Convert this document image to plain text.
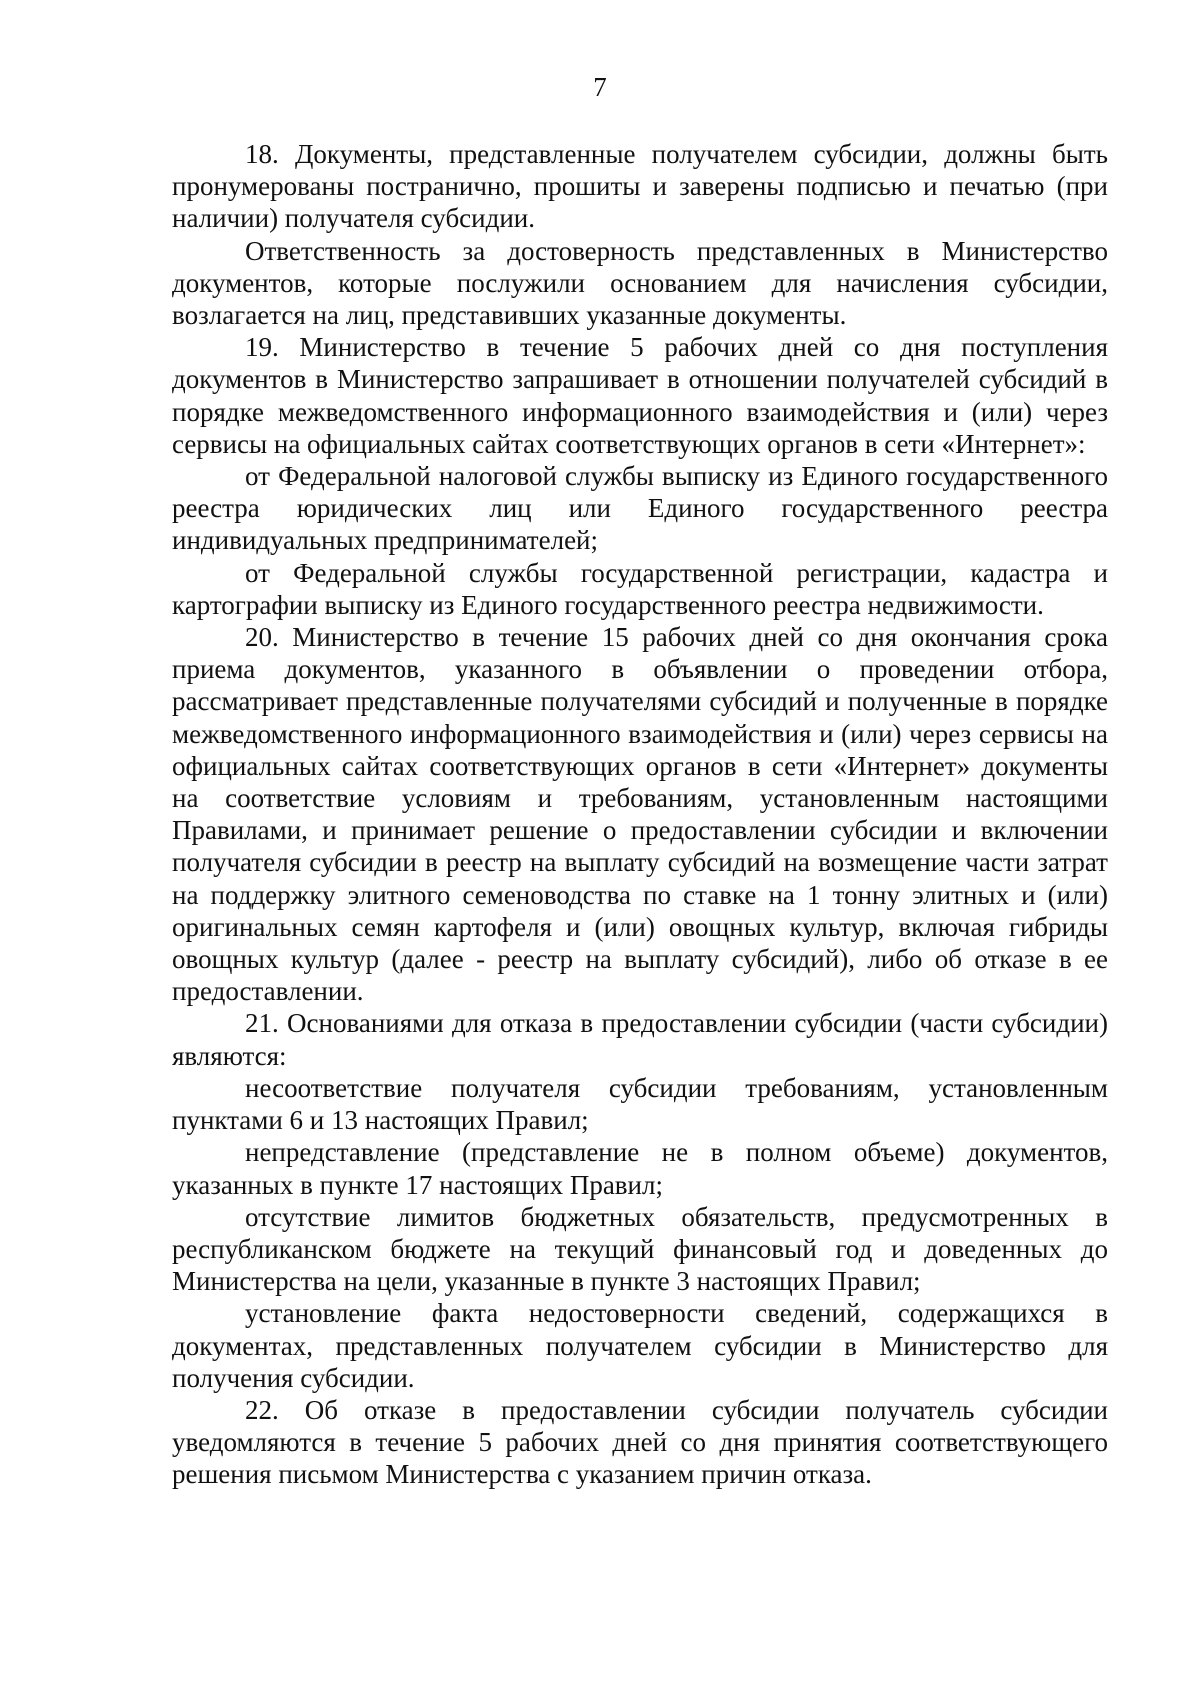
7

18. Документы, представленные получателем субсидии, должны быть пронумерованы постранично, прошиты и заверены подписью и печатью (при наличии) получателя субсидии.

Ответственность за достоверность представленных в Министерство документов, которые послужили основанием для начисления субсидии, возлагается на лиц, представивших указанные документы.

19. Министерство в течение 5 рабочих дней со дня поступления документов в Министерство запрашивает в отношении получателей субсидий в порядке межведомственного информационного взаимодействия и (или) через сервисы на официальных сайтах соответствующих органов в сети «Интернет»:

от Федеральной налоговой службы выписку из Единого государственного реестра юридических лиц или Единого государственного реестра индивидуальных предпринимателей;

от Федеральной службы государственной регистрации, кадастра и картографии выписку из Единого государственного реестра недвижимости.

20. Министерство в течение 15 рабочих дней со дня окончания срока приема документов, указанного в объявлении о проведении отбора, рассматривает представленные получателями субсидий и полученные в порядке межведомственного информационного взаимодействия и (или) через сервисы на официальных сайтах соответствующих органов в сети «Интернет» документы на соответствие условиям и требованиям, установленным настоящими Правилами, и принимает решение о предоставлении субсидии и включении получателя субсидии в реестр на выплату субсидий на возмещение части затрат на поддержку элитного семеноводства по ставке на 1 тонну элитных и (или) оригинальных семян картофеля и (или) овощных культур, включая гибриды овощных культур (далее - реестр на выплату субсидий), либо об отказе в ее предоставлении.

21. Основаниями для отказа в предоставлении субсидии (части субсидии) являются:

несоответствие получателя субсидии требованиям, установленным пунктами 6 и 13 настоящих Правил;

непредставление (представление не в полном объеме) документов, указанных в пункте 17 настоящих Правил;

отсутствие лимитов бюджетных обязательств, предусмотренных в республиканском бюджете на текущий финансовый год и доведенных до Министерства на цели, указанные в пункте 3 настоящих Правил;

установление факта недостоверности сведений, содержащихся в документах, представленных получателем субсидии в Министерство для получения субсидии.

22. Об отказе в предоставлении субсидии получатель субсидии уведомляются в течение 5 рабочих дней со дня принятия соответствующего решения письмом Министерства с указанием причин отказа.
